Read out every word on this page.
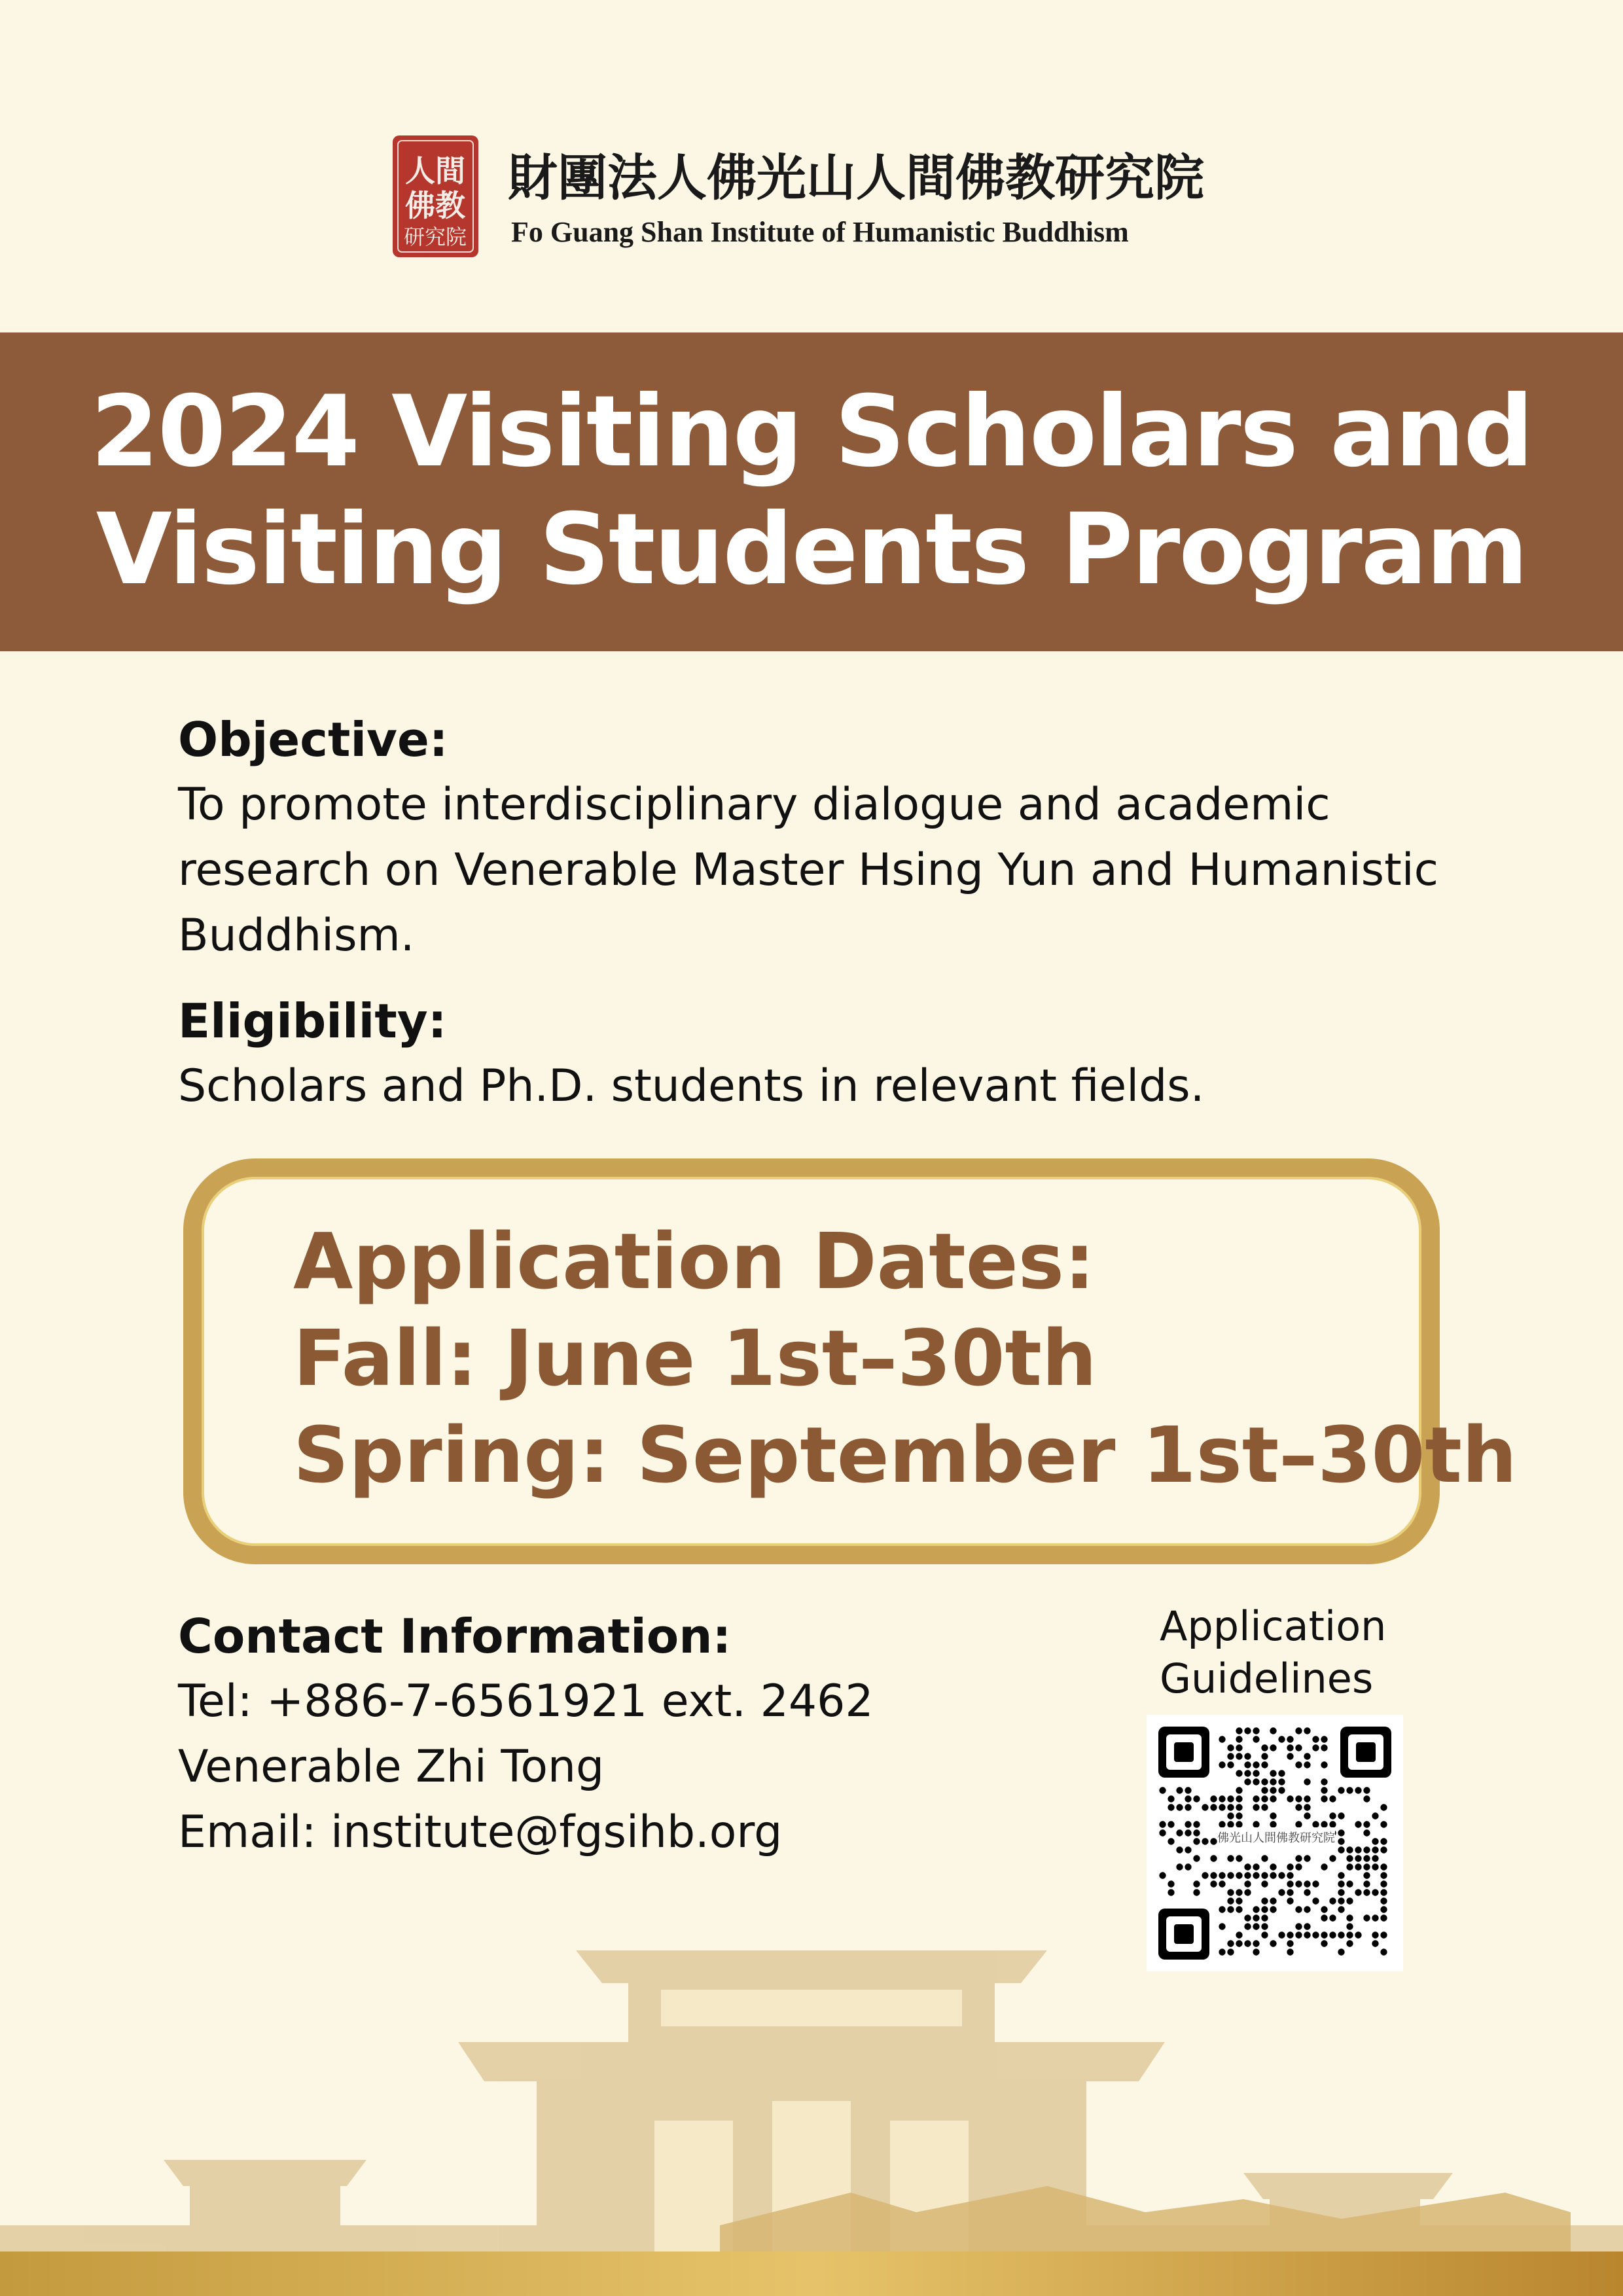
人間
佛教
研究院
財團法人佛光山人間佛教研究院
Fo Guang Shan Institute of Humanistic Buddhism
2024 Visiting Scholars and
Visiting Students Program
Objective:
To promote interdisciplinary dialogue and academic research on Venerable Master Hsing Yun and Humanistic Buddhism.
Eligibility:
Scholars and Ph.D. students in relevant fields.
Application Dates:
Fall: June 1st–30th
Spring: September 1st–30th
Contact Information:
Tel: +886-7-6561921 ext. 2462
Venerable Zhi Tong
Email: institute@fgsihb.org
Application
Guidelines
佛光山人間佛教研究院
